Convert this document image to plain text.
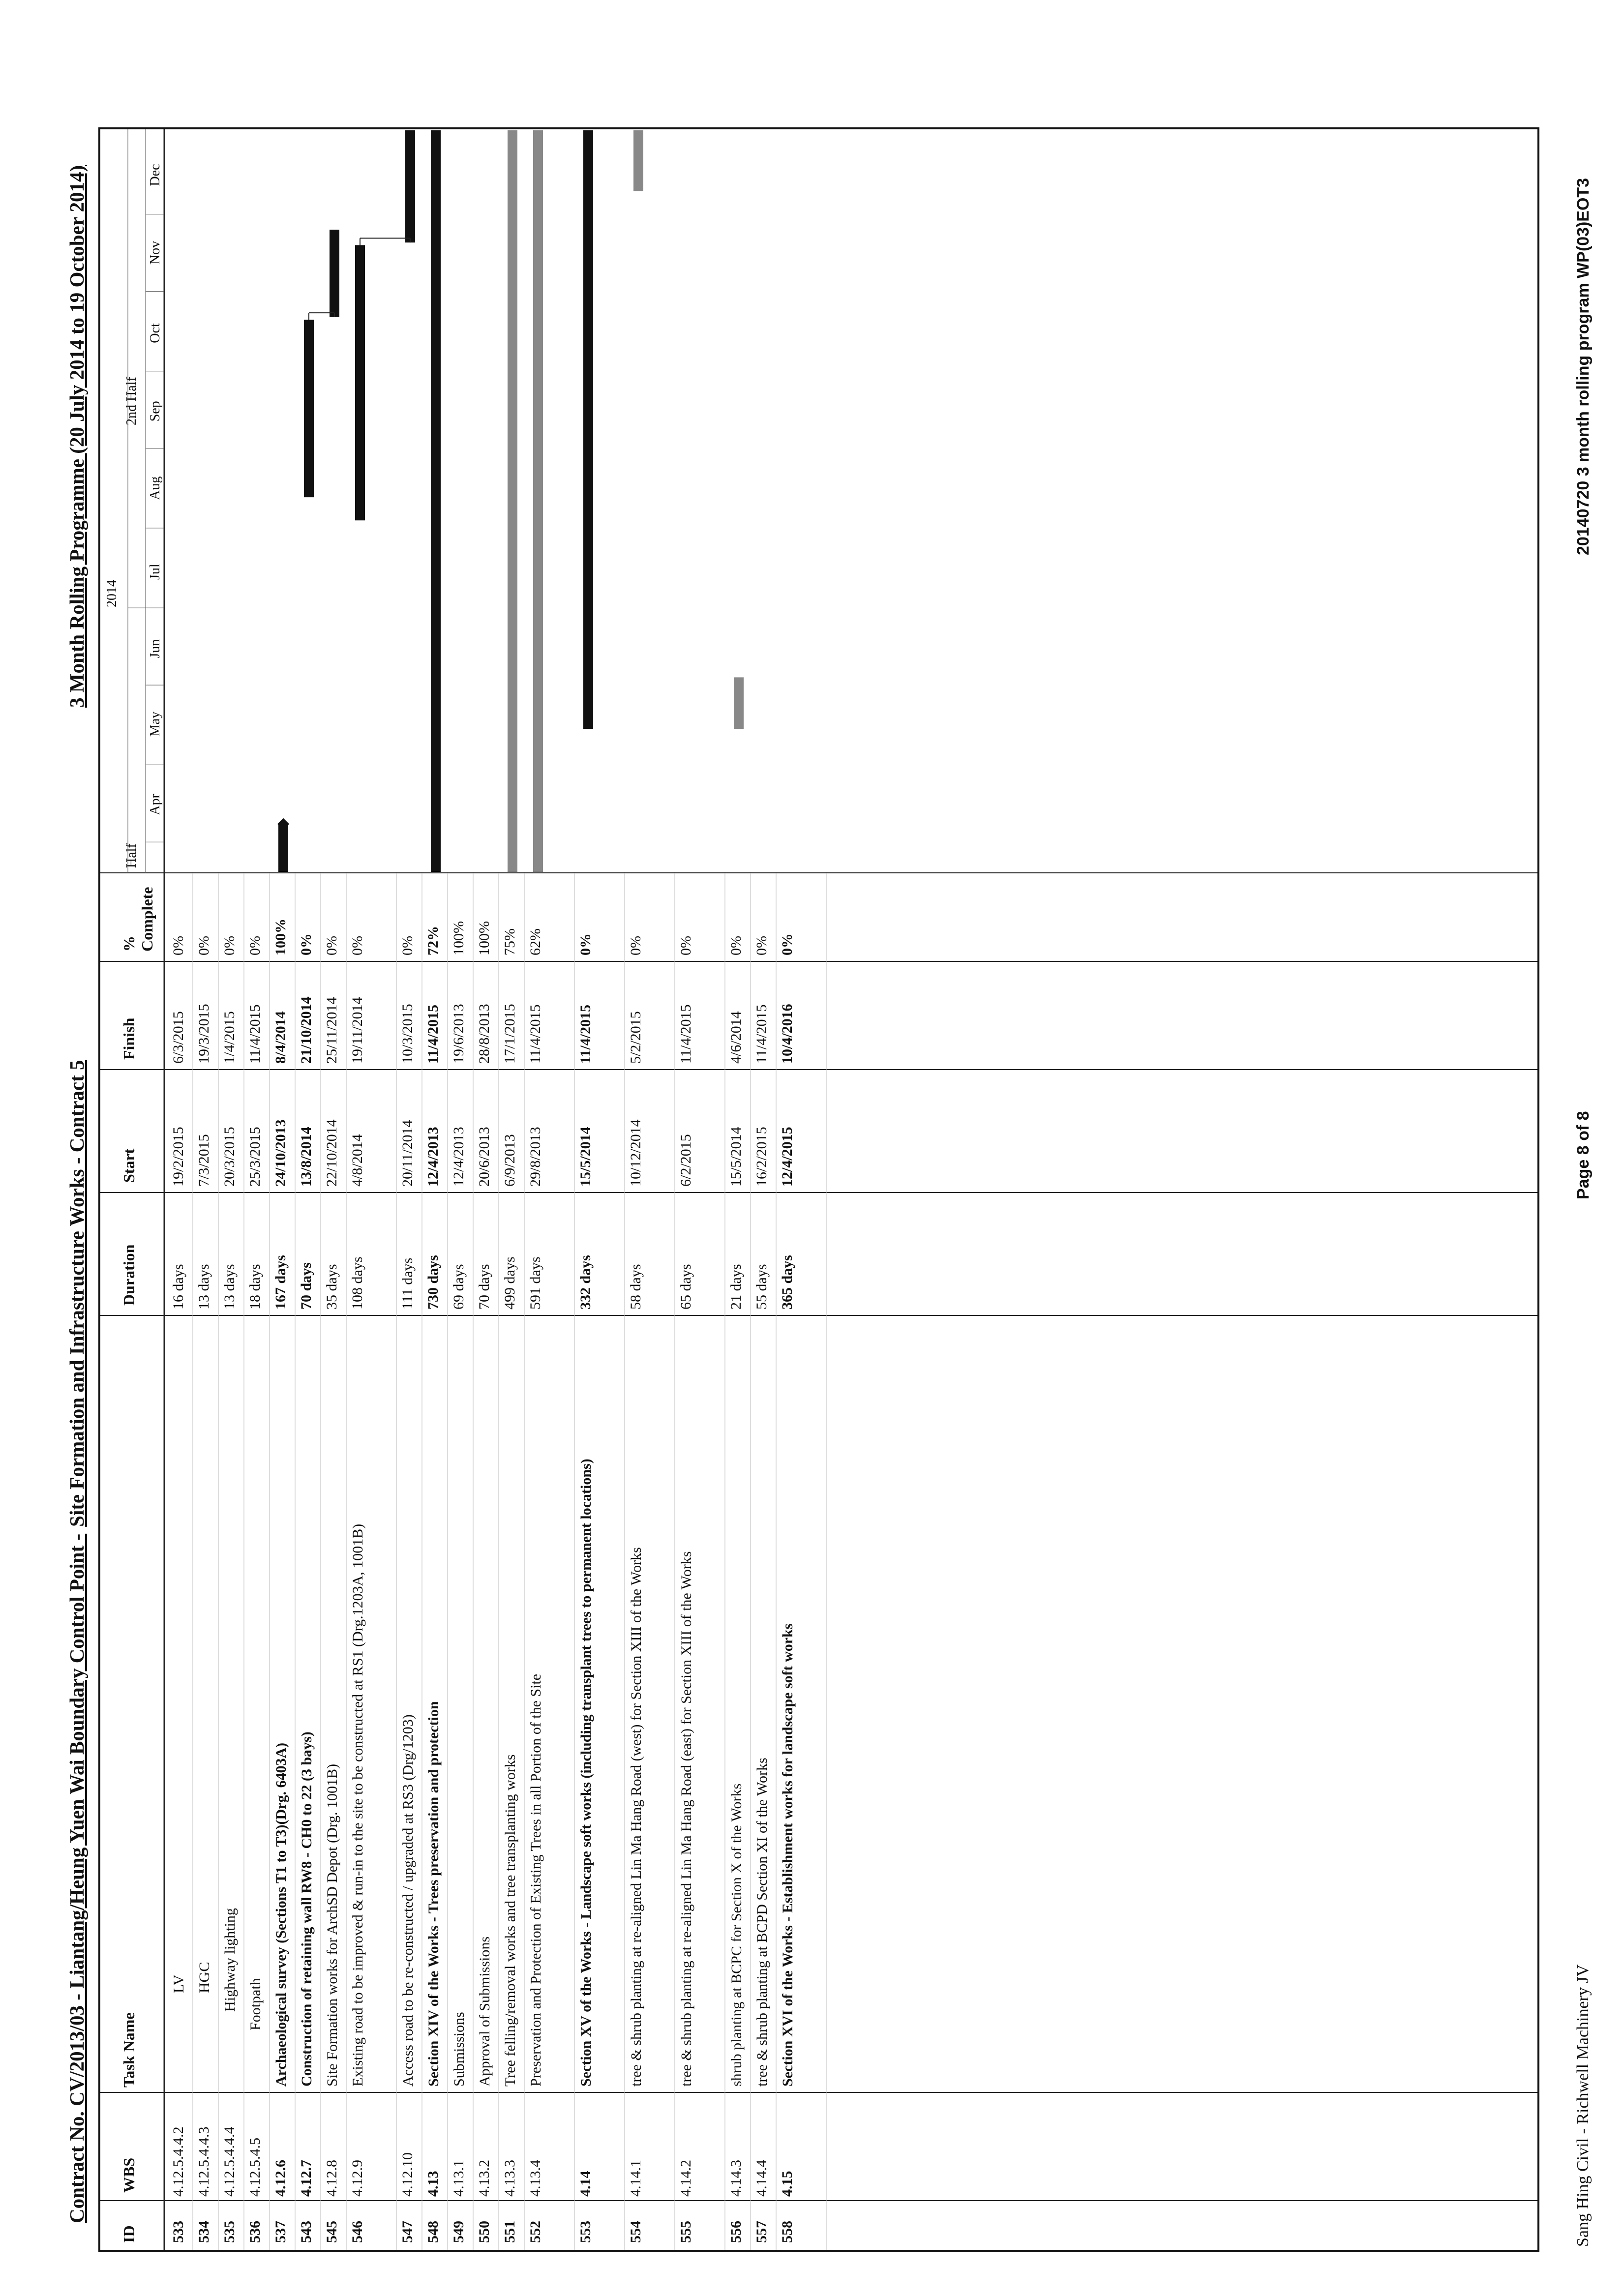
Contract No. CV/2013/03 - Liantang/Heung Yuen Wai Boundary Control Point -Site Formation and Infrastructure Works - Contract 5
3 Month Rolling Programme (20 July 2014 to 19 October 2014)
ID
WBS
Task Name
Duration
Start
Finish
% Complete
2014
Half
2nd Half
Apr
May
Jun
Jul
Aug
Sep
Oct
Nov
Dec
533
4.12.5.4.4.2
LV
16 days
19/2/2015
6/3/2015
0%
534
4.12.5.4.4.3
HGC
13 days
7/3/2015
19/3/2015
0%
535
4.12.5.4.4.4
Highway lighting
13 days
20/3/2015
1/4/2015
0%
536
4.12.5.4.5
Footpath
18 days
25/3/2015
11/4/2015
0%
537
4.12.6
Archaeological survey (Sections T1 to T3)(Drg. 6403A)
167 days
24/10/2013
8/4/2014
100%
543
4.12.7
Construction of retaining wall RW8 - CH0 to 22 (3 bays)
70 days
13/8/2014
21/10/2014
0%
545
4.12.8
Site Formation works for ArchSD Depot (Drg. 1001B)
35 days
22/10/2014
25/11/2014
0%
546
4.12.9
Existing road to be improved & run-in to the site to be constructed at RS1 (Drg.1203A, 1001B)
108 days
4/8/2014
19/11/2014
0%
547
4.12.10
Access road to be re-constructed / upgraded at RS3 (Drg/1203)
111 days
20/11/2014
10/3/2015
0%
548
4.13
Section XIV of the Works - Trees preservation and protection
730 days
12/4/2013
11/4/2015
72%
549
4.13.1
Submissions
69 days
12/4/2013
19/6/2013
100%
550
4.13.2
Approval of Submissions
70 days
20/6/2013
28/8/2013
100%
551
4.13.3
Tree felling/removal works and tree transplanting works
499 days
6/9/2013
17/1/2015
75%
552
4.13.4
Preservation and Protection of Existing Trees in all Portion of the Site
591 days
29/8/2013
11/4/2015
62%
553
4.14
Section XV of the Works - Landscape soft works (including transplant trees to permanent locations)
332 days
15/5/2014
11/4/2015
0%
554
4.14.1
tree & shrub planting at re-aligned Lin Ma Hang Road (west) for Section XIII of the Works
58 days
10/12/2014
5/2/2015
0%
555
4.14.2
tree & shrub planting at re-aligned Lin Ma Hang Road (east) for Section XIII of the Works
65 days
6/2/2015
11/4/2015
0%
556
4.14.3
shrub planting at BCPC for Section X of the Works
21 days
15/5/2014
4/6/2014
0%
557
4.14.4
tree & shrub planting at BCPD Section XI of the Works
55 days
16/2/2015
11/4/2015
0%
558
4.15
Section XVI of the Works - Establishment works for landscape soft works
365 days
12/4/2015
10/4/2016
0%
Sang Hing Civil - Richwell Machinery JV
Page 8 of 8
20140720 3 month rolling program WP(03)EOT3
